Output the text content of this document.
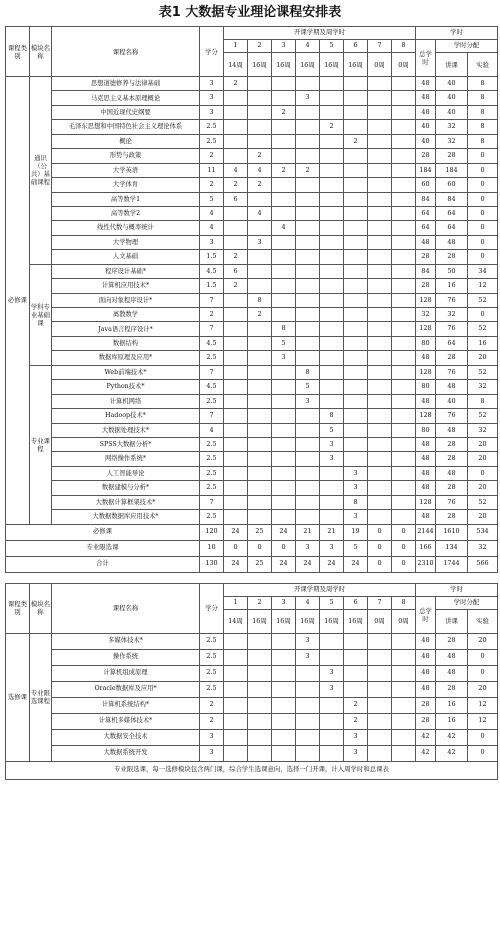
表1 大数据专业理论课程安排表
课程类别	模块名称	课程名称	学分	开课学期及周学时								学时		
				1	2	3	4	5	6	7	8	总学时	学时分配	
				14周	16周	16周	16周	16周	16周	0周	0周		讲课	实验
必修课	通识（公共）基础课程	思想道德修养与法律基础	3	2								48	40	8
		马克思主义基本原理概论	3				3					48	40	8
		中国近现代史纲要	3			2						48	40	8
		毛泽东思想和中国特色社会主义理论体系	2.5					2				40	32	8
		概论	2.5						2			40	32	8
		形势与政策	2		2							28	28	0
		大学英语	11	4	4	2	2					184	184	0
		大学体育	2	2	2							60	60	0
		高等数学1	5	6								84	84	0
		高等数学2	4		4							64	64	0
		线性代数与概率统计	4			4						64	64	0
		大学物理	3		3							48	48	0
		人文基础	1.5	2								28	28	0
	学科专业基础课	程序设计基础*	4.5	6								84	50	34
		计算机应用技术*	1.5	2								28	16	12
		面向对象程序设计*	7		8							128	76	52
		离散数学	2		2							32	32	0
		Java语言程序设计*	7			8						128	76	52
		数据结构	4.5			5						80	64	16
		数据库原理及应用*	2.5			3						48	28	20
	专业课程	Web前端技术*	7				8					128	76	52
		Python技术*	4.5				5					80	48	32
		计算机网络	2.5				3					48	40	8
		Hadoop技术*	7					8				128	76	52
		大数据处理技术*	4					5				80	48	32
		SPSS大数据分析*	2.5					3				48	28	20
		网络操作系统*	2.5					3				48	28	20
		人工智能导论	2.5						3			48	48	0
		数据建模与分析*	2.5						3			48	28	20
		大数据计算框架技术*	7						8			128	76	52
		大数据数据库应用技术*	2.5						3			48	28	20
必修课			120	24	25	24	21	21	19	0	0	2144	1610	534
专业限选课			10	0	0	0	3	3	5	0	0	166	134	32
合计			130	24	25	24	24	24	24	0	0	2310	1744	566
课程类别	模块名称	课程名称	学分	开课学期及周学时								学时		
				1	2	3	4	5	6	7	8	总学时	学时分配	
				14周	16周	16周	16周	16周	16周	0周	0周		讲课	实验
选修课	专业限选课程	多媒体技术*	2.5				3					48	28	20
		操作系统	2.5				3					48	48	0
		计算机组成原理	2.5					3				48	48	0
		Oracle数据库及应用*	2.5					3				48	28	20
		计算机系统结构*	2						2			28	16	12
		计算机多媒体技术*	2						2			28	16	12
		大数据安全技术	3						3			42	42	0
		大数据系统开发	3						3			42	42	0
专业限选课，每一选修模块包含两门课，综合学生选课意向，选择一门开课，计入周学时和总课表														
